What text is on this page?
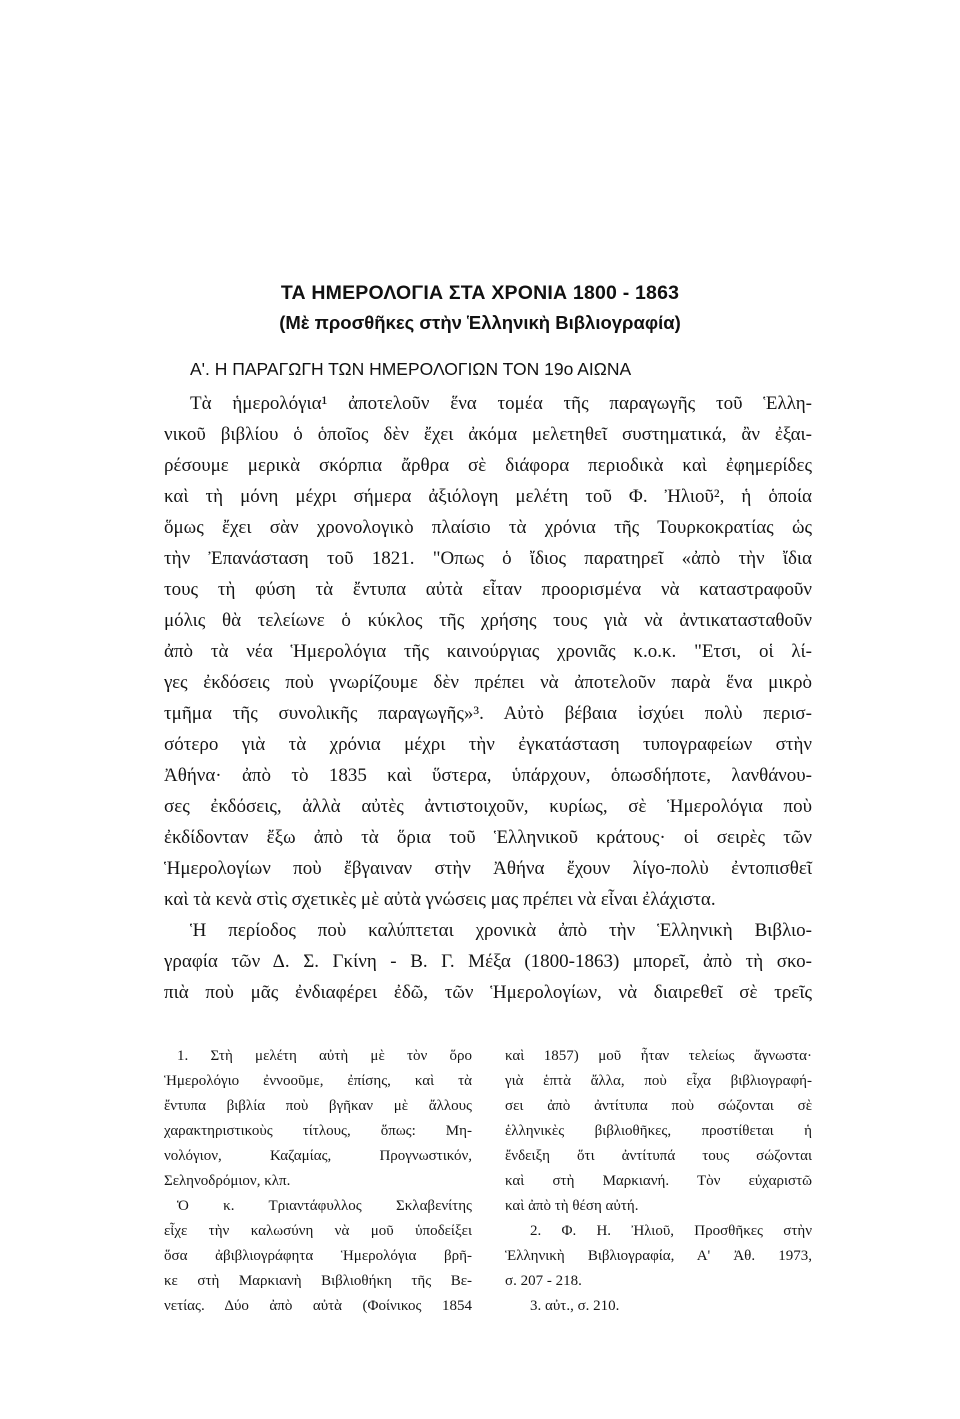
ΤΑ ΗΜΕΡΟΛΟΓΙΑ ΣΤΑ ΧΡΟΝΙΑ 1800 - 1863
(Μὲ προσθῆκες στὴν Ἑλληνικὴ Βιβλιογραφία)
Α'. Η ΠΑΡΑΓΩΓΗ ΤΩΝ ΗΜΕΡΟΛΟΓΙΩΝ ΤΟΝ 19ο ΑΙΩΝΑ
Τὰ ἡμερολόγια¹ ἀποτελοῦν ἕνα τομέα τῆς παραγωγῆς τοῦ Ἑλλη-
νικοῦ βιβλίου ὁ ὁποῖος δὲν ἔχει ἀκόμα μελετηθεῖ συστηματικά, ἂν ἐξαι-
ρέσουμε μερικὰ σκόρπια ἄρθρα σὲ διάφορα περιοδικὰ καὶ ἐφημερίδες
καὶ τὴ μόνη μέχρι σήμερα ἀξιόλογη μελέτη τοῦ Φ. Ἠλιοῦ², ἡ ὁποία
ὅμως ἔχει σὰν χρονολογικὸ πλαίσιο τὰ χρόνια τῆς Τουρκοκρατίας ὡς
τὴν Ἐπανάσταση τοῦ 1821. "Οπως ὁ ἴδιος παρατηρεῖ «ἀπὸ τὴν ἴδια
τους τὴ φύση τὰ ἔντυπα αὐτὰ εἶταν προορισμένα νὰ καταστραφοῦν
μόλις θὰ τελείωνε ὁ κύκλος τῆς χρήσης τους γιὰ νὰ ἀντικατασταθοῦν
ἀπὸ τὰ νέα Ἡμερολόγια τῆς καινούργιας χρονιᾶς κ.ο.κ. "Ετσι, οἱ λί-
γες ἐκδόσεις ποὺ γνωρίζουμε δὲν πρέπει νὰ ἀποτελοῦν παρὰ ἕνα μικρὸ
τμῆμα τῆς συνολικῆς παραγωγῆς»³. Αὐτὸ βέβαια ἰσχύει πολὺ περισ-
σότερο γιὰ τὰ χρόνια μέχρι τὴν ἐγκατάσταση τυπογραφείων στὴν
Ἀθήνα· ἀπὸ τὸ 1835 καὶ ὕστερα, ὑπάρχουν, ὁπωσδήποτε, λανθάνου-
σες ἐκδόσεις, ἀλλὰ αὐτὲς ἀντιστοιχοῦν, κυρίως, σὲ Ἡμερολόγια ποὺ
ἐκδίδονταν ἔξω ἀπὸ τὰ ὅρια τοῦ Ἑλληνικοῦ κράτους· οἱ σειρὲς τῶν
Ἡμερολογίων ποὺ ἔβγαιναν στὴν Ἀθήνα ἔχουν λίγο-πολὺ ἐντοπισθεῖ
καὶ τὰ κενὰ στὶς σχετικὲς μὲ αὐτὰ γνώσεις μας πρέπει νὰ εἶναι ἐλάχιστα.
Ἡ περίοδος ποὺ καλύπτεται χρονικὰ ἀπὸ τὴν Ἑλληνικὴ Βιβλιο-
γραφία τῶν Δ. Σ. Γκίνη - Β. Γ. Μέξα (1800-1863) μπορεῖ, ἀπὸ τὴ σκο-
πιὰ ποὺ μᾶς ἐνδιαφέρει ἐδῶ, τῶν Ἡμερολογίων, νὰ διαιρεθεῖ σὲ τρεῖς
1. Στὴ μελέτη αὐτὴ μὲ τὸν ὅρο
Ἡμερολόγιο ἐννοοῦμε, ἐπίσης, καὶ τὰ
ἔντυπα βιβλία ποὺ βγῆκαν μὲ ἄλλους
χαρακτηριστικοὺς τίτλους, ὅπως: Μη-
νολόγιον, Καζαμίας, Προγνωστικόν,
Σεληνοδρόμιον, κλπ.
Ὁ κ. Τριαντάφυλλος Σκλαβενίτης
εἶχε τὴν καλωσύνη νὰ μοῦ ὑποδείξει
ὅσα ἀβιβλιογράφητα Ἡμερολόγια βρῆ-
κε στὴ Μαρκιανὴ Βιβλιοθήκη τῆς Βε-
νετίας. Δύο ἀπὸ αὐτὰ (Φοίνικος 1854
καὶ 1857) μοῦ ἦταν τελείως ἄγνωστα·
γιὰ ἑπτὰ ἄλλα, ποὺ εἶχα βιβλιογραφή-
σει ἀπὸ ἀντίτυπα ποὺ σώζονται σὲ
ἑλληνικὲς βιβλιοθῆκες, προστίθεται ἡ
ἔνδειξη ὅτι ἀντίτυπά τους σώζονται
καὶ στὴ Μαρκιανή. Τὸν εὐχαριστῶ
καὶ ἀπὸ τὴ θέση αὐτή.
2. Φ. Η. Ἠλιοῦ, Προσθῆκες στὴν
Ἑλληνικὴ Βιβλιογραφία, Α' Ἀθ. 1973,
σ. 207 - 218.
3. αὐτ., σ. 210.
